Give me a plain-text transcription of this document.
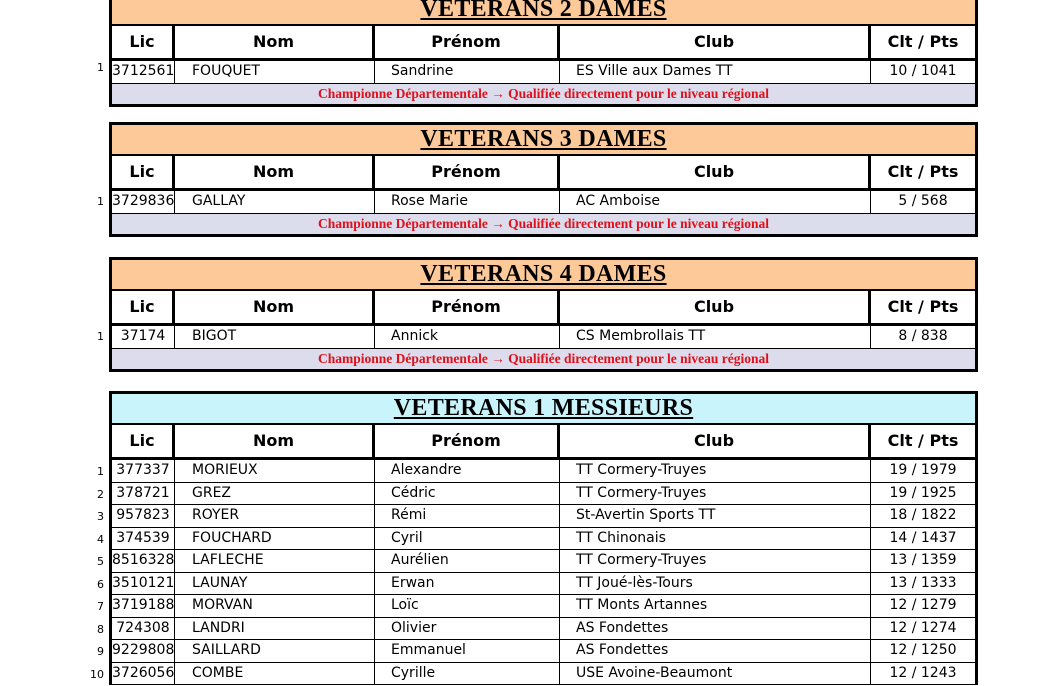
VETERANS 2 DAMES
Lic	Nom	Prénom	Club	Clt / Pts
3712561	FOUQUET	Sandrine	ES Ville aux Dames TT	10 / 1041
Championne Départementale → Qualifiée directement pour le niveau régional
1
VETERANS 3 DAMES
Lic	Nom	Prénom	Club	Clt / Pts
3729836	GALLAY	Rose Marie	AC Amboise	5 / 568
Championne Départementale → Qualifiée directement pour le niveau régional
1
VETERANS 4 DAMES
Lic	Nom	Prénom	Club	Clt / Pts
37174	BIGOT	Annick	CS Membrollais TT	8 / 838
Championne Départementale → Qualifiée directement pour le niveau régional
1
VETERANS 1 MESSIEURS
Lic	Nom	Prénom	Club	Clt / Pts
377337	MORIEUX	Alexandre	TT Cormery-Truyes	19 / 1979
378721	GREZ	Cédric	TT Cormery-Truyes	19 / 1925
957823	ROYER	Rémi	St-Avertin Sports TT	18 / 1822
374539	FOUCHARD	Cyril	TT Chinonais	14 / 1437
8516328	LAFLECHE	Aurélien	TT Cormery-Truyes	13 / 1359
3510121	LAUNAY	Erwan	TT Joué-lès-Tours	13 / 1333
3719188	MORVAN	Loïc	TT Monts Artannes	12 / 1279
724308	LANDRI	Olivier	AS Fondettes	12 / 1274
9229808	SAILLARD	Emmanuel	AS Fondettes	12 / 1250
3726056	COMBE	Cyrille	USE Avoine-Beaumont	12 / 1243
1
2
3
4
5
6
7
8
9
10
